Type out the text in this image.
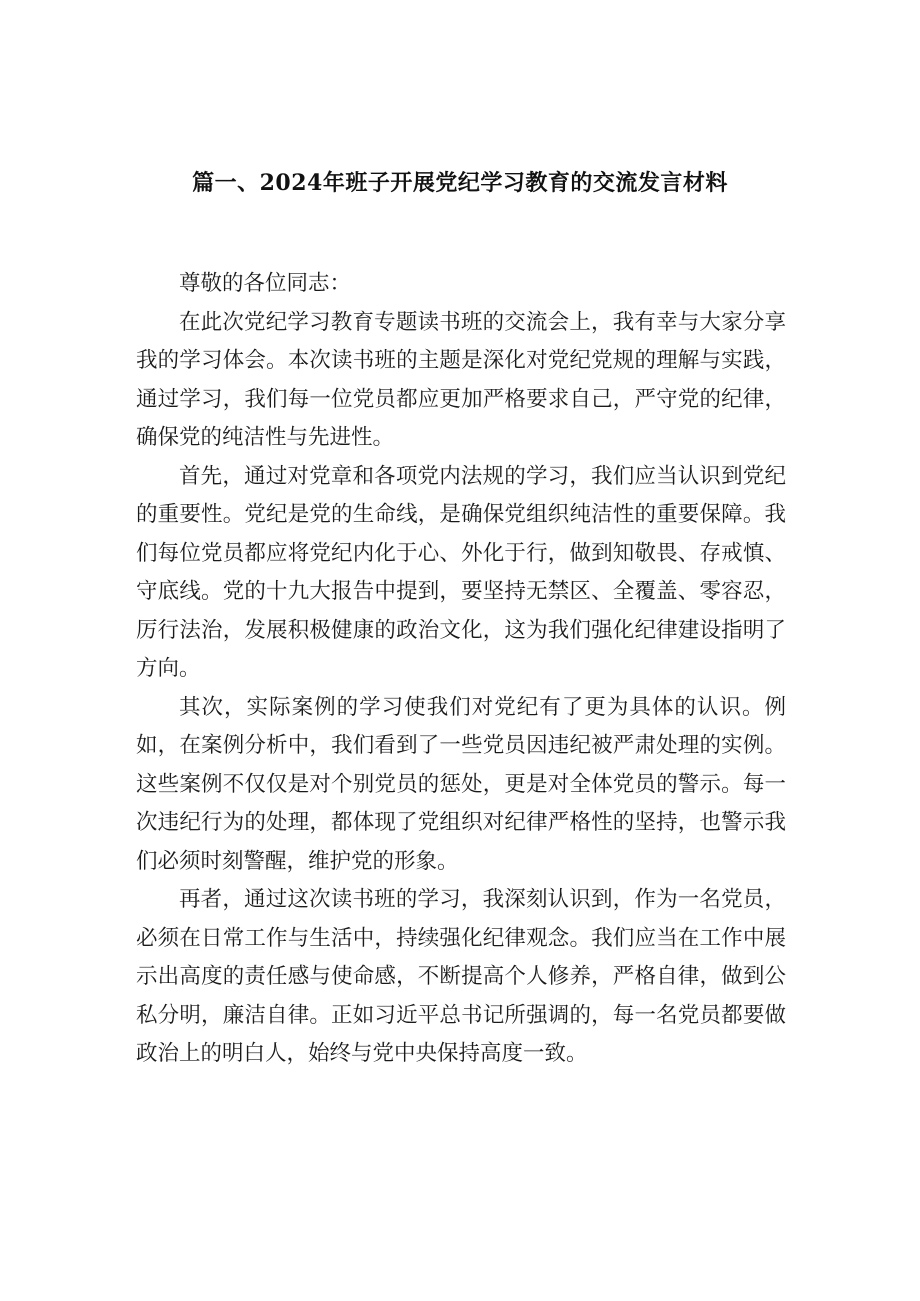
篇一、2024年班子开展党纪学习教育的交流发言材料

尊敬的各位同志：

在此次党纪学习教育专题读书班的交流会上，我有幸与大家分享我的学习体会。本次读书班的主题是深化对党纪党规的理解与实践，通过学习，我们每一位党员都应更加严格要求自己，严守党的纪律，确保党的纯洁性与先进性。

首先，通过对党章和各项党内法规的学习，我们应当认识到党纪的重要性。党纪是党的生命线，是确保党组织纯洁性的重要保障。我们每位党员都应将党纪内化于心、外化于行，做到知敬畏、存戒慎、守底线。党的十九大报告中提到，要坚持无禁区、全覆盖、零容忍，厉行法治，发展积极健康的政治文化，这为我们强化纪律建设指明了方向。

其次，实际案例的学习使我们对党纪有了更为具体的认识。例如，在案例分析中，我们看到了一些党员因违纪被严肃处理的实例。这些案例不仅仅是对个别党员的惩处，更是对全体党员的警示。每一次违纪行为的处理，都体现了党组织对纪律严格性的坚持，也警示我们必须时刻警醒，维护党的形象。

再者，通过这次读书班的学习，我深刻认识到，作为一名党员，必须在日常工作与生活中，持续强化纪律观念。我们应当在工作中展示出高度的责任感与使命感，不断提高个人修养，严格自律，做到公私分明，廉洁自律。正如习近平总书记所强调的，每一名党员都要做政治上的明白人，始终与党中央保持高度一致。
